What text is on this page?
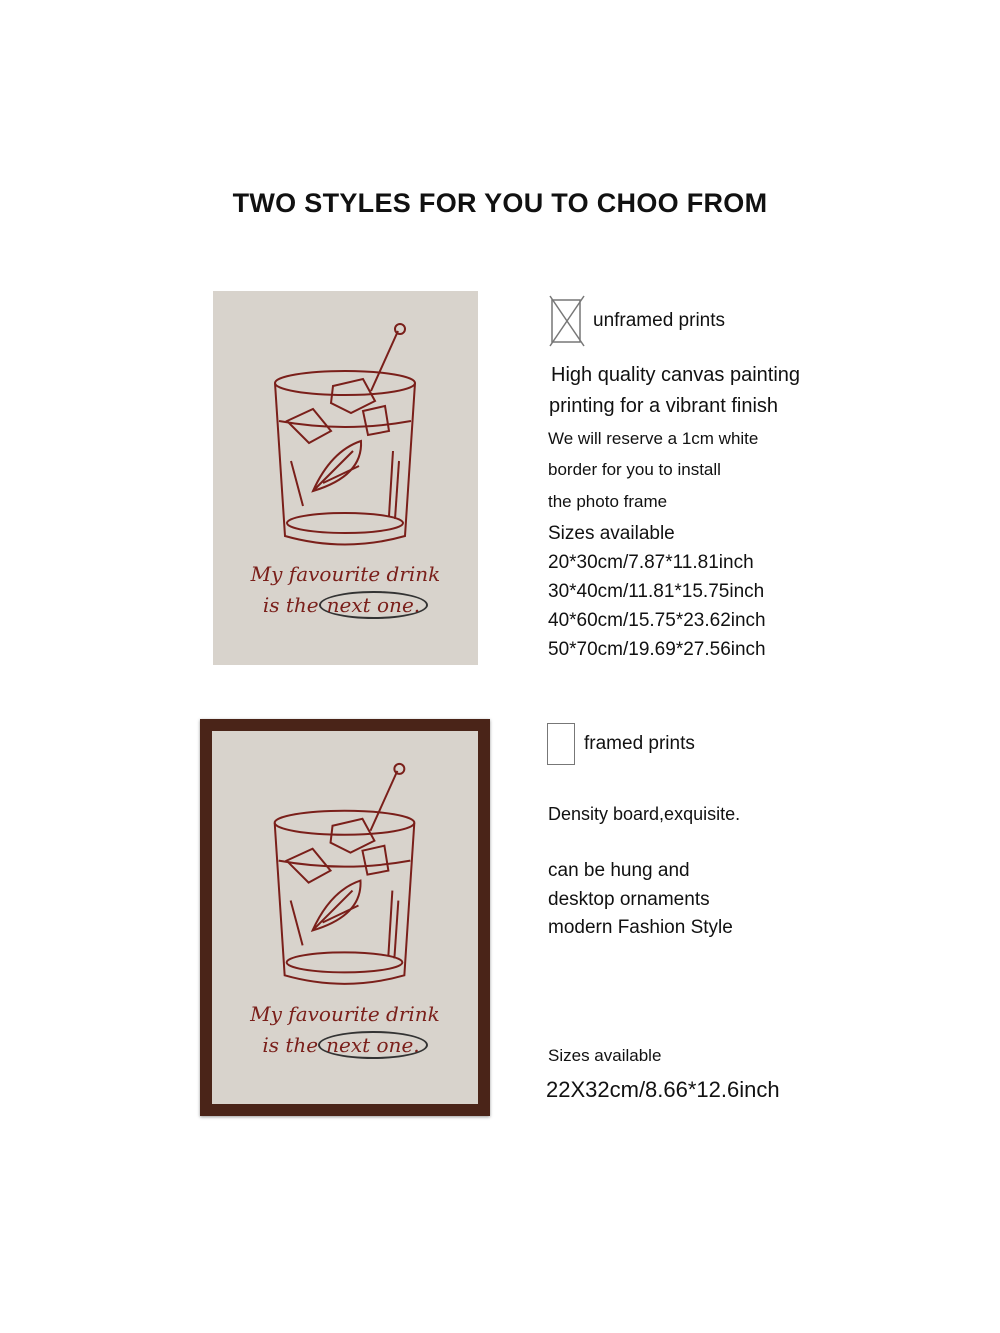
TWO STYLES FOR YOU TO CHOO FROM
My favourite drink
is the next one.
My favourite drink
is the next one.
unframed prints
High quality canvas painting
printing for a vibrant finish
We will reserve a 1cm white
border for you to install
the photo frame
Sizes available
20*30cm/7.87*11.81inch
30*40cm/11.81*15.75inch
40*60cm/15.75*23.62inch
50*70cm/19.69*27.56inch
framed prints
Density board,exquisite.
can be hung and
desktop ornaments
modern Fashion Style
Sizes available
22X32cm/8.66*12.6inch
